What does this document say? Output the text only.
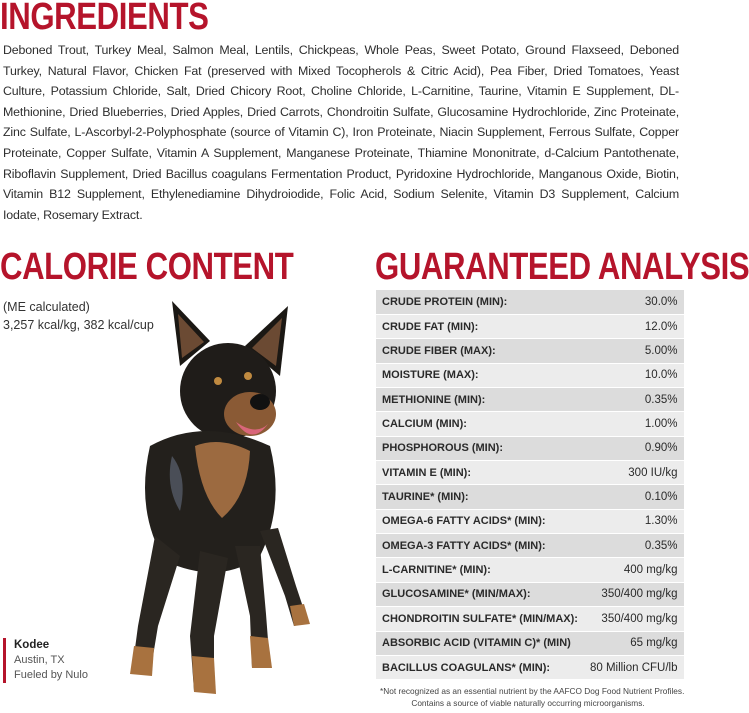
INGREDIENTS
Deboned Trout, Turkey Meal, Salmon Meal, Lentils, Chickpeas, Whole Peas, Sweet Potato, Ground Flaxseed, Deboned Turkey, Natural Flavor, Chicken Fat (preserved with Mixed Tocopherols & Citric Acid), Pea Fiber, Dried Tomatoes, Yeast Culture, Potassium Chloride, Salt, Dried Chicory Root, Choline Chloride, L-Carnitine, Taurine, Vitamin E Supplement, DL-Methionine, Dried Blueberries, Dried Apples, Dried Carrots, Chondroitin Sulfate, Glucosamine Hydrochloride, Zinc Proteinate, Zinc Sulfate, L-Ascorbyl-2-Polyphosphate (source of Vitamin C), Iron Proteinate, Niacin Supplement, Ferrous Sulfate, Copper Proteinate, Copper Sulfate, Vitamin A Supplement, Manganese Proteinate, Thiamine Mononitrate, d-Calcium Pantothenate, Riboflavin Supplement, Dried Bacillus coagulans Fermentation Product, Pyridoxine Hydrochloride, Manganous Oxide, Biotin, Vitamin B12 Supplement, Ethylenediamine Dihydroiodide, Folic Acid, Sodium Selenite, Vitamin D3 Supplement, Calcium Iodate, Rosemary Extract.
CALORIE CONTENT
(ME calculated)
3,257 kcal/kg, 382 kcal/cup
Kodee
Austin, TX
Fueled by Nulo
GUARANTEED ANALYSIS
CRUDE PROTEIN (MIN):	30.0%
CRUDE FAT (MIN):	12.0%
CRUDE FIBER (MAX):	5.00%
MOISTURE (MAX):	10.0%
METHIONINE (MIN):	0.35%
CALCIUM (MIN):	1.00%
PHOSPHOROUS (MIN):	0.90%
VITAMIN E (MIN):	300 IU/kg
TAURINE* (MIN):	0.10%
OMEGA-6 FATTY ACIDS* (MIN):	1.30%
OMEGA-3 FATTY ACIDS* (MIN):	0.35%
L-CARNITINE* (MIN):	400 mg/kg
GLUCOSAMINE* (MIN/MAX):	350/400 mg/kg
CHONDROITIN SULFATE* (MIN/MAX):	350/400 mg/kg
ABSORBIC ACID (VITAMIN C)* (MIN)	65 mg/kg
BACILLUS COAGULANS* (MIN):	80 Million CFU/lb
*Not recognized as an essential nutrient by the AAFCO Dog Food Nutrient Profiles.
Contains a source of viable naturally occurring microorganisms.
